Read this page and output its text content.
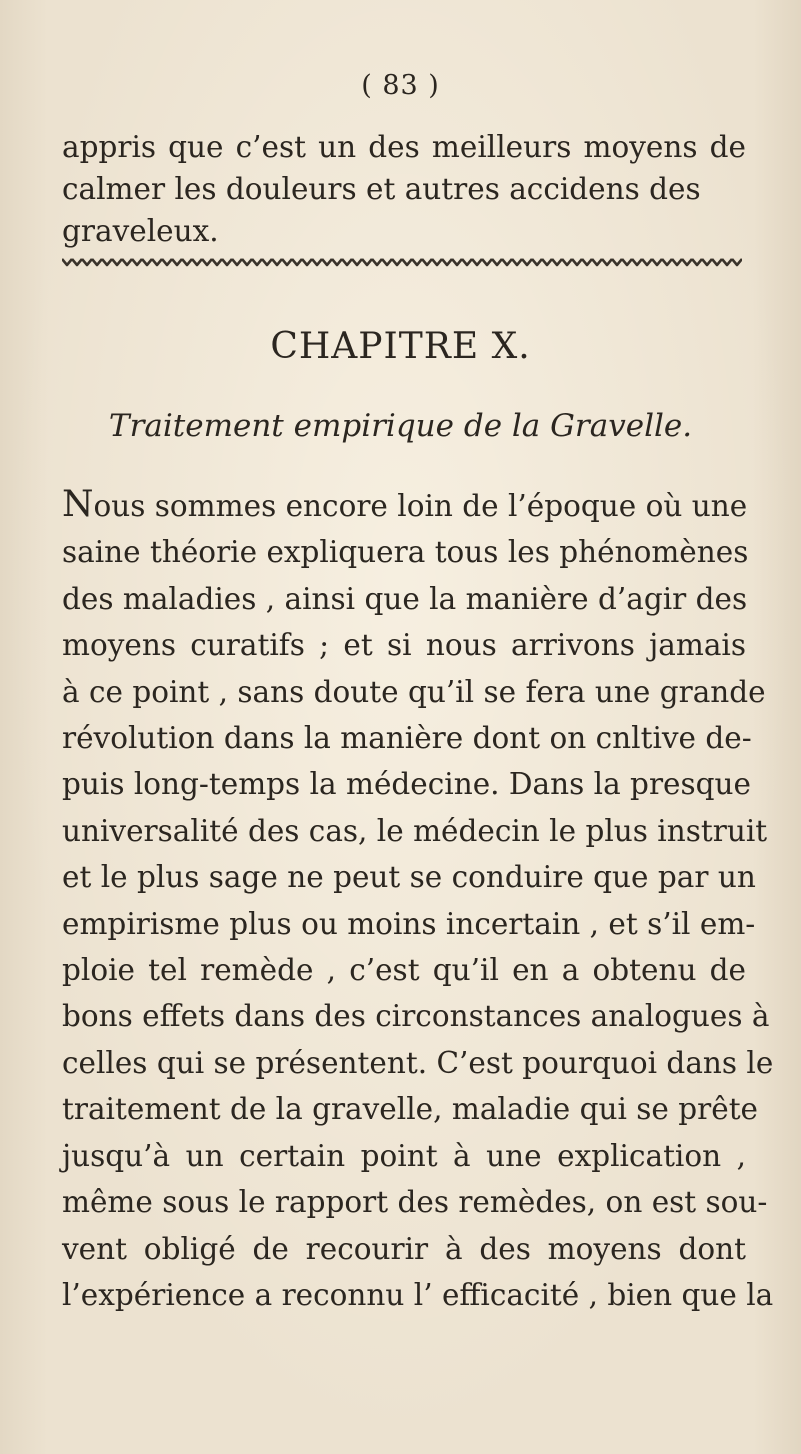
( 83 )

appris que c’est un des meilleurs moyens de calmer les douleurs et autres accidens des
graveleux.

CHAPITRE X.
Traitement empirique de la Gravelle.

Nous sommes encore loin de l’époque où une
saine théorie expliquera tous les phénomènes
des maladies , ainsi que la manière d’agir des
moyens curatifs ; et si nous arrivons jamais
à ce point , sans doute qu’il se fera une grande
révolution dans la manière dont on cnltive de-
puis long-temps la médecine. Dans la presque
universalité des cas, le médecin le plus instruit
et le plus sage ne peut se conduire que par un
empirisme plus ou moins incertain , et s’il em-
ploie tel remède , c’est qu’il en a obtenu de
bons effets dans des circonstances analogues à
celles qui se présentent. C’est pourquoi dans le
traitement de la gravelle, maladie qui se prête
jusqu’à un certain point à une explication ,
même sous le rapport des remèdes, on est sou-
vent obligé de recourir à des moyens dont
l’expérience a reconnu l’ efficacité , bien que la
